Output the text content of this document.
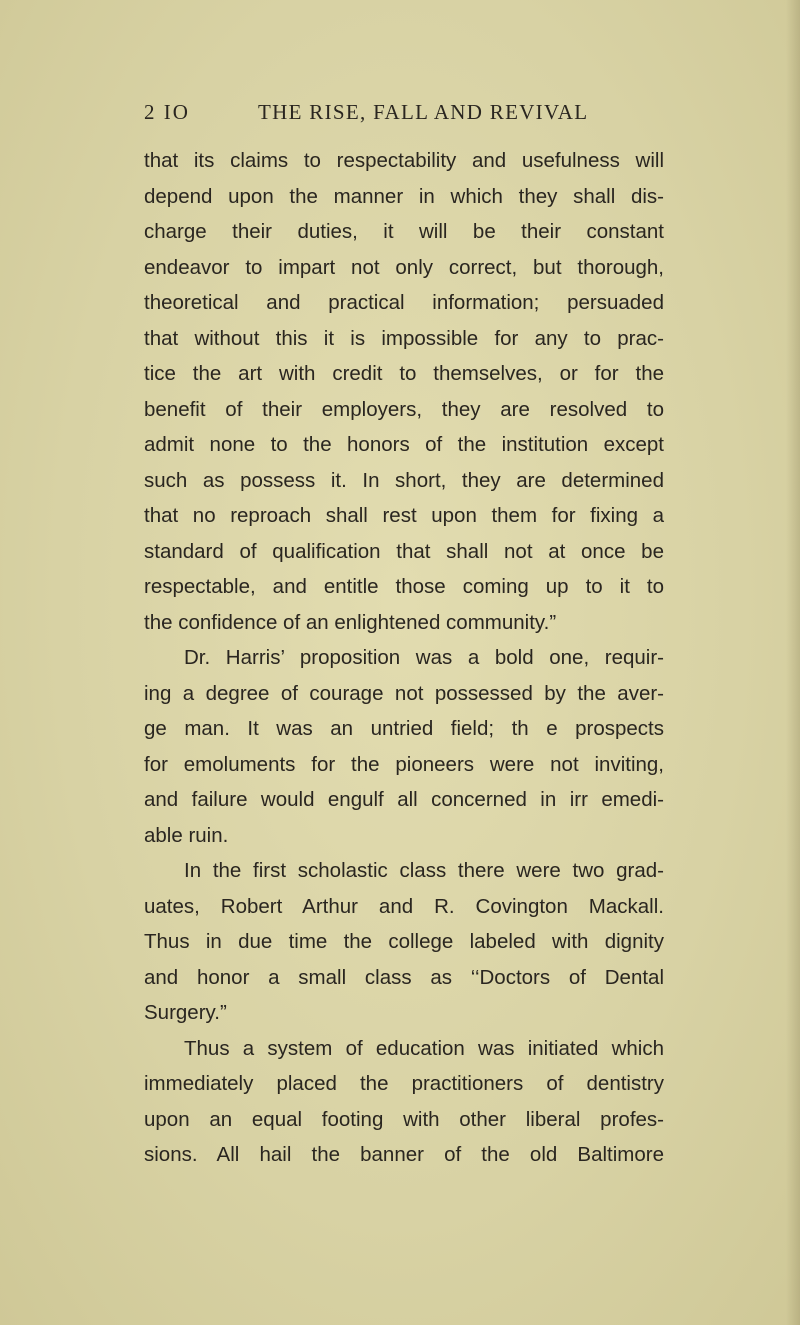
2 IO	THE RISE, FALL AND REVIVAL
that its claims to respectability and usefulness will
depend upon the manner in which they shall dis-
charge their duties, it will be their constant
endeavor to impart not only correct, but thorough,
theoretical and practical information; persuaded
that without this it is impossible for any to prac-
tice the art with credit to themselves, or for the
benefit of their employers, they are resolved to
admit none to the honors of the institution except
such as possess it. In short, they are determined
that no reproach shall rest upon them for fixing a
standard of qualification that shall not at once be
respectable, and entitle those coming up to it to
the confidence of an enlightened community.”
Dr. Harris’ proposition was a bold one, requir-
ing a degree of courage not possessed by the aver-
ge man. It was an untried field; th e prospects
for emoluments for the pioneers were not inviting,
and failure would engulf all concerned in irr emedi-
able ruin.
In the first scholastic class there were two grad-
uates, Robert Arthur and R. Covington Mackall.
Thus in due time the college labeled with dignity
and honor a small class as ‘‘Doctors of Dental
Surgery.”
Thus a system of education was initiated which
immediately placed the practitioners of dentistry
upon an equal footing with other liberal profes-
sions. All hail the banner of the old Baltimore
